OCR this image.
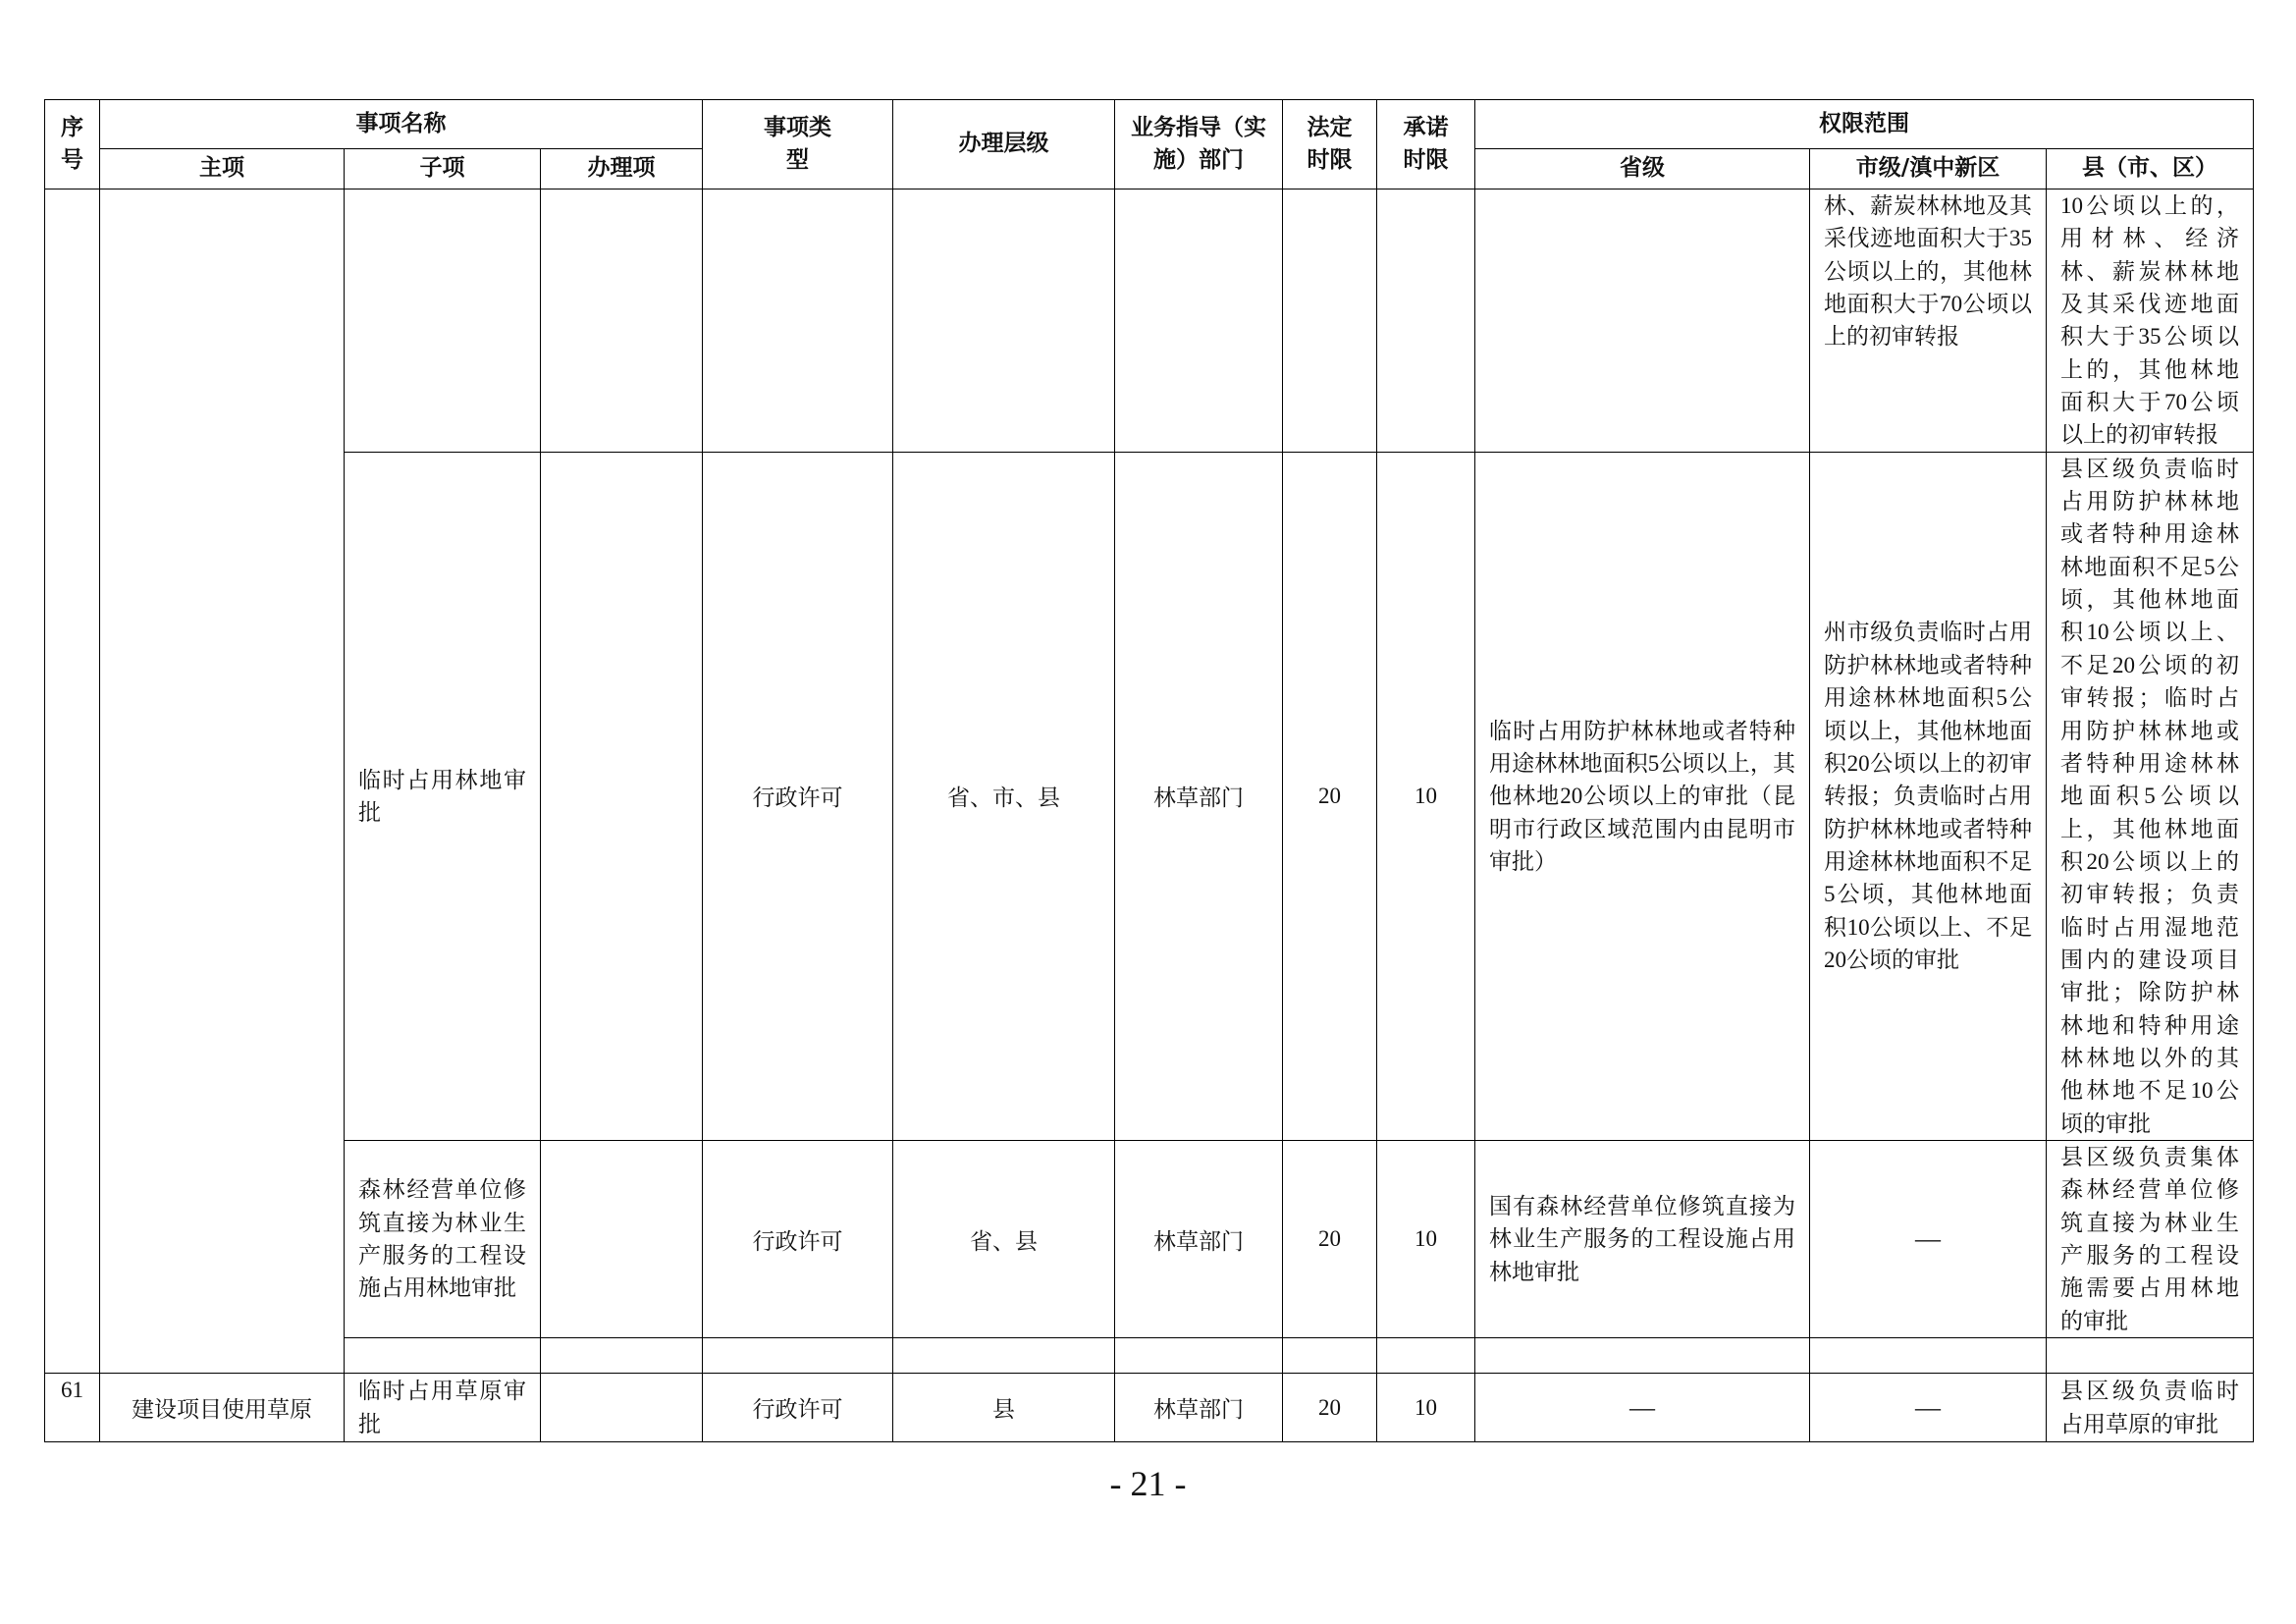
序号	事项名称			事项类型	办理层级	业务指导（实施）部门	法定时限	承诺时限	权限范围		
	主项	子项	办理项						省级	市级/滇中新区	县（市、区）
										林、薪炭林林地及其采伐迹地面积大于35公顷以上的，其他林地面积大于70公顷以上的初审转报	10公顷以上的，用材林、经济林、薪炭林林地及其采伐迹地面积大于35公顷以上的，其他林地面积大于70公顷以上的初审转报
		临时占用林地审批		行政许可	省、市、县	林草部门	20	10	临时占用防护林林地或者特种用途林林地面积5公顷以上，其他林地20公顷以上的审批（昆明市行政区域范围内由昆明市审批）	州市级负责临时占用防护林林地或者特种用途林林地面积5公顷以上，其他林地面积20公顷以上的初审转报；负责临时占用防护林林地或者特种用途林林地面积不足5公顷，其他林地面积10公顷以上、不足20公顷的审批	县区级负责临时占用防护林林地或者特种用途林林地面积不足5公顷，其他林地面积10公顷以上、不足20公顷的初审转报；临时占用防护林林地或者特种用途林林地面积5公顷以上，其他林地面积20公顷以上的初审转报；负责临时占用湿地范围内的建设项目审批；除防护林林地和特种用途林林地以外的其他林地不足10公顷的审批
		森林经营单位修筑直接为林业生产服务的工程设施占用林地审批		行政许可	省、县	林草部门	20	10	国有森林经营单位修筑直接为林业生产服务的工程设施占用林地审批	—	县区级负责集体森林经营单位修筑直接为林业生产服务的工程设施需要占用林地的审批

61	建设项目使用草原	临时占用草原审批		行政许可	县	林草部门	20	10	—	—	县区级负责临时占用草原的审批
- 21 -
